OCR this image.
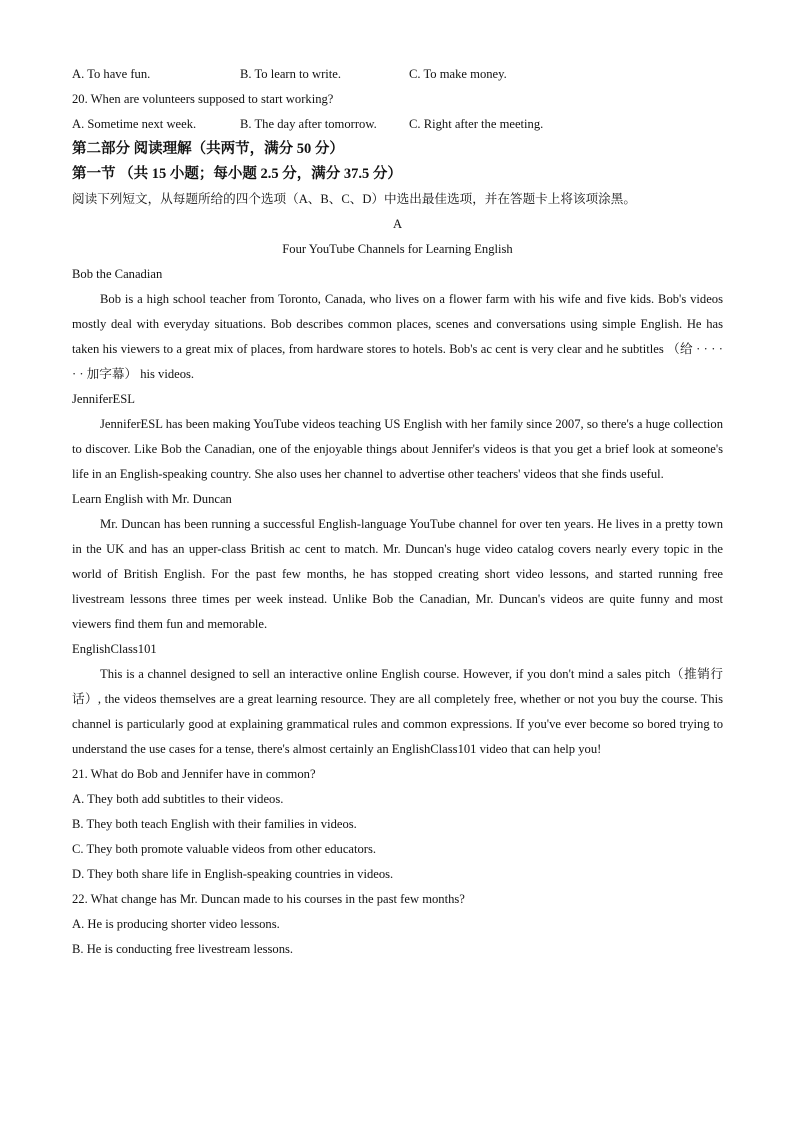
A. To have fun.	B. To learn to write.	C. To make money.
20. When are volunteers supposed to start working?
A. Sometime next week.	B. The day after tomorrow.	C. Right after the meeting.
第二部分 阅读理解（共两节，满分 50 分）
第一节 （共 15 小题；每小题 2.5 分，满分 37.5 分）
阅读下列短文，从每题所给的四个选项（A、B、C、D）中选出最佳选项，并在答题卡上将该项涂黑。
A
Four YouTube Channels for Learning English
Bob the Canadian

Bob is a high school teacher from Toronto, Canada, who lives on a flower farm with his wife and five kids. Bob's videos mostly deal with everyday situations. Bob describes common places, scenes and conversations using simple English. He has taken his viewers to a great mix of places, from hardware stores to hotels. Bob's ac cent is very clear and he subtitles （给 · · · · · · 加字幕） his videos.

JenniferESL

JenniferESL has been making YouTube videos teaching US English with her family since 2007, so there's a huge collection to discover. Like Bob the Canadian, one of the enjoyable things about Jennifer's videos is that you get a brief look at someone's life in an English-speaking country. She also uses her channel to advertise other teachers' videos that she finds useful.

Learn English with Mr. Duncan

Mr. Duncan has been running a successful English-language YouTube channel for over ten years. He lives in a pretty town in the UK and has an upper-class British ac cent to match. Mr. Duncan's huge video catalog covers nearly every topic in the world of British English. For the past few months, he has stopped creating short video lessons, and started running free livestream lessons three times per week instead. Unlike Bob the Canadian, Mr. Duncan's videos are quite funny and most viewers find them fun and memorable.

EnglishClass101

This is a channel designed to sell an interactive online English course. However, if you don't mind a sales pitch（推销行话）, the videos themselves are a great learning resource. They are all completely free, whether or not you buy the course. This channel is particularly good at explaining grammatical rules and common expressions. If you've ever become so bored trying to understand the use cases for a tense, there's almost certainly an EnglishClass101 video that can help you!

21. What do Bob and Jennifer have in common?
A. They both add subtitles to their videos.
B. They both teach English with their families in videos.
C. They both promote valuable videos from other educators.
D. They both share life in English-speaking countries in videos.
22. What change has Mr. Duncan made to his courses in the past few months?
A. He is producing shorter video lessons.
B. He is conducting free livestream lessons.
